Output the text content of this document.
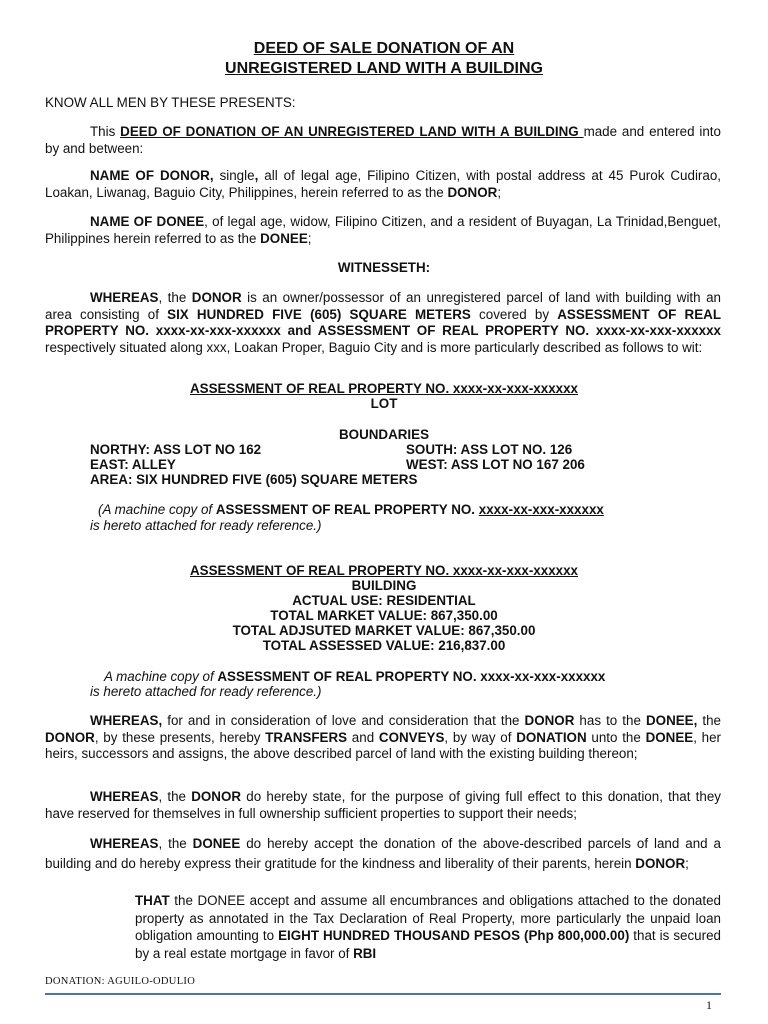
DEED OF SALE DONATION OF AN
UNREGISTERED LAND WITH A BUILDING
KNOW ALL MEN BY THESE PRESENTS:
This DEED OF DONATION OF AN UNREGISTERED LAND WITH A BUILDING made and entered into by and between:
NAME OF DONOR, single, all of legal age, Filipino Citizen, with postal address at 45 Purok Cudirao, Loakan, Liwanag, Baguio City, Philippines, herein referred to as the DONOR;
NAME OF DONEE, of legal age, widow, Filipino Citizen, and a resident of Buyagan, La Trinidad,Benguet, Philippines herein referred to as the DONEE;
WITNESSETH:
WHEREAS, the DONOR is an owner/possessor of an unregistered parcel of land with building with an area consisting of SIX HUNDRED FIVE (605) SQUARE METERS covered by ASSESSMENT OF REAL PROPERTY NO. xxxx-xx-xxx-xxxxxx and ASSESSMENT OF REAL PROPERTY NO. xxxx-xx-xxx-xxxxxx respectively situated along xxx, Loakan Proper, Baguio City and is more particularly described as follows to wit:
ASSESSMENT OF REAL PROPERTY NO. xxxx-xx-xxx-xxxxxx
LOT
BOUNDARIES
NORTHY: ASS LOT NO 162	SOUTH: ASS LOT NO. 126
EAST: ALLEY	WEST: ASS LOT NO 167 206
AREA: SIX HUNDRED FIVE (605) SQUARE METERS
(A machine copy of ASSESSMENT OF REAL PROPERTY NO. xxxx-xx-xxx-xxxxxx
is hereto attached for ready reference.)
ASSESSMENT OF REAL PROPERTY NO. xxxx-xx-xxx-xxxxxx
BUILDING
ACTUAL USE: RESIDENTIAL
TOTAL MARKET VALUE: 867,350.00
TOTAL ADJSUTED MARKET VALUE: 867,350.00
TOTAL ASSESSED VALUE: 216,837.00
A machine copy of ASSESSMENT OF REAL PROPERTY NO. xxxx-xx-xxx-xxxxxx
is hereto attached for ready reference.)
WHEREAS, for and in consideration of love and consideration that the DONOR has to the DONEE, the DONOR, by these presents, hereby TRANSFERS and CONVEYS, by way of DONATION unto the DONEE, her heirs, successors and assigns, the above described parcel of land with the existing building thereon;
WHEREAS, the DONOR do hereby state, for the purpose of giving full effect to this donation, that they have reserved for themselves in full ownership sufficient properties to support their needs;
WHEREAS, the DONEE do hereby accept the donation of the above-described parcels of land and a building and do hereby express their gratitude for the kindness and liberality of their parents, herein DONOR;
THAT the DONEE accept and assume all encumbrances and obligations attached to the donated property as annotated in the Tax Declaration of Real Property, more particularly the unpaid loan obligation amounting to EIGHT HUNDRED THOUSAND PESOS (Php 800,000.00) that is secured by a real estate mortgage in favor of RBI
DONATION: AGUILO-ODULIO
1
